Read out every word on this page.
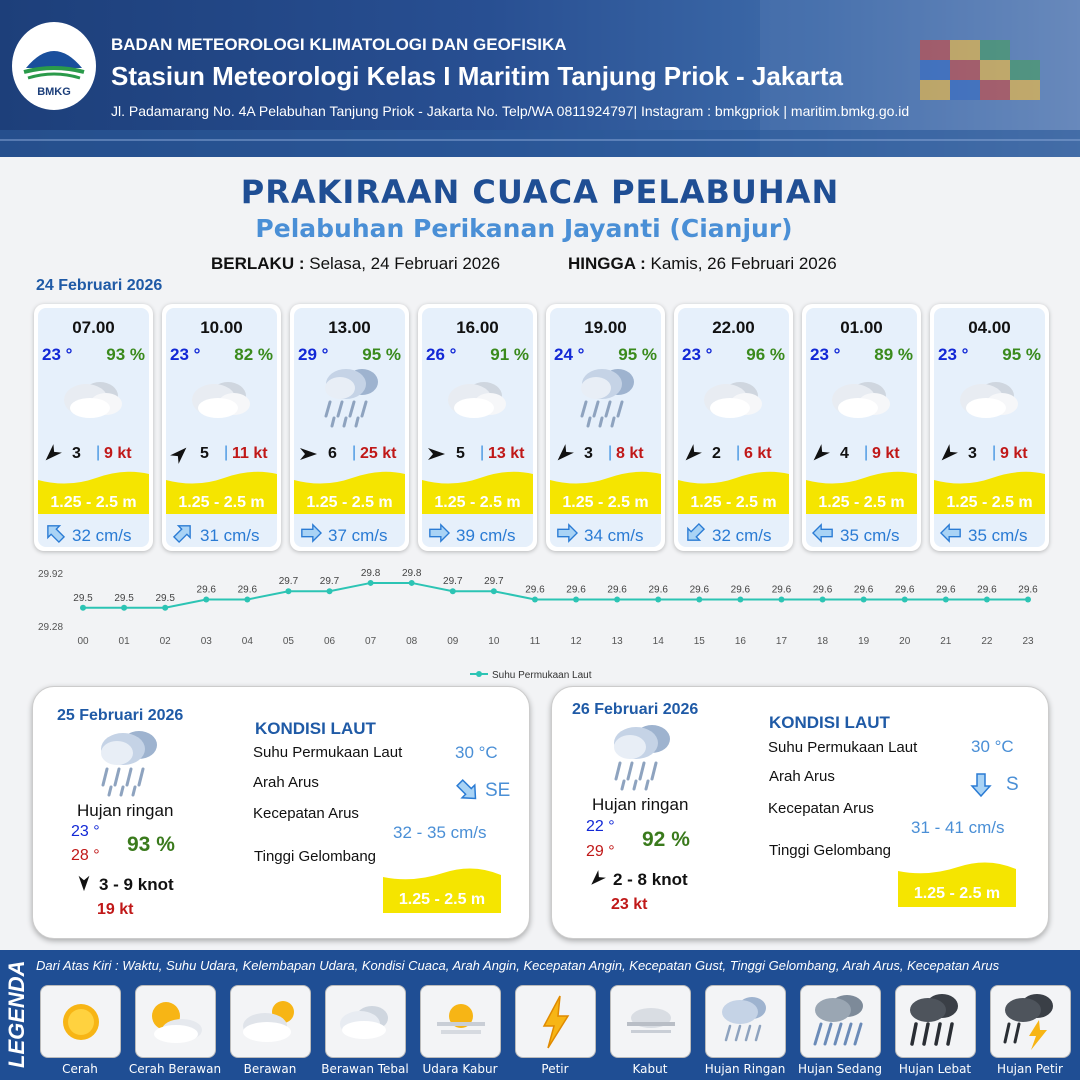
BMKG
BADAN METEOROLOGI KLIMATOLOGI DAN GEOFISIKA
Stasiun Meteorologi Kelas I Maritim Tanjung Priok - Jakarta
Jl. Padamarang No. 4A Pelabuhan Tanjung Priok - Jakarta No. Telp/WA 0811924797| Instagram : bmkgpriok | maritim.bmkg.go.id
PRAKIRAAN CUACA PELABUHAN
Pelabuhan Perikanan Jayanti (Cianjur)
BERLAKU : Selasa, 24 Februari 2026	HINGGA : Kamis, 26 Februari 2026
24 Februari 2026
07.00
23 ° 93 %
3 | 9 kt
1.25 - 2.5 m
32 cm/s
10.00
23 ° 82 %
5 | 11 kt
1.25 - 2.5 m
31 cm/s
13.00
29 ° 95 %
6 | 25 kt
1.25 - 2.5 m
37 cm/s
16.00
26 ° 91 %
5 | 13 kt
1.25 - 2.5 m
39 cm/s
19.00
24 ° 95 %
3 | 8 kt
1.25 - 2.5 m
34 cm/s
22.00
23 ° 96 %
2 | 6 kt
1.25 - 2.5 m
32 cm/s
01.00
23 ° 89 %
4 | 9 kt
1.25 - 2.5 m
35 cm/s
04.00
23 ° 95 %
3 | 9 kt
1.25 - 2.5 m
35 cm/s
29.92
29.28
29.5
00
29.5
01
29.5
02
29.6
03
29.6
04
29.7
05
29.7
06
29.8
07
29.8
08
29.7
09
29.7
10
29.6
11
29.6
12
29.6
13
29.6
14
29.6
15
29.6
16
29.6
17
29.6
18
29.6
19
29.6
20
29.6
21
29.6
22
29.6
23
Suhu Permukaan Laut
25 Februari 2026
Hujan ringan
23 °
28 ° 93 %
3 - 9 knot
19 kt
KONDISI LAUT
Suhu Permukaan Laut	30 °C
Arah Arus	SE
Kecepatan Arus
32 - 35 cm/s
Tinggi Gelombang
1.25 - 2.5 m
26 Februari 2026
Hujan ringan
22 °
29 °
92 %
2 - 8 knot
23 kt
KONDISI LAUT
Suhu Permukaan Laut	30 °C
Arah Arus	S
Kecepatan Arus
31 - 41 cm/s
Tinggi Gelombang
1.25 - 2.5 m
LEGENDA Dari Atas Kiri : Waktu, Suhu Udara, Kelembapan Udara, Kondisi Cuaca, Arah Angin, Kecepatan Angin, Kecepatan Gust, Tinggi Gelombang, Arah Arus, Kecepatan Arus
Cerah	Cerah Berawan	Berawan	Berawan Tebal	Udara Kabur	Petir	Kabut	Hujan Ringan	Hujan Sedang	Hujan Lebat	Hujan Petir
